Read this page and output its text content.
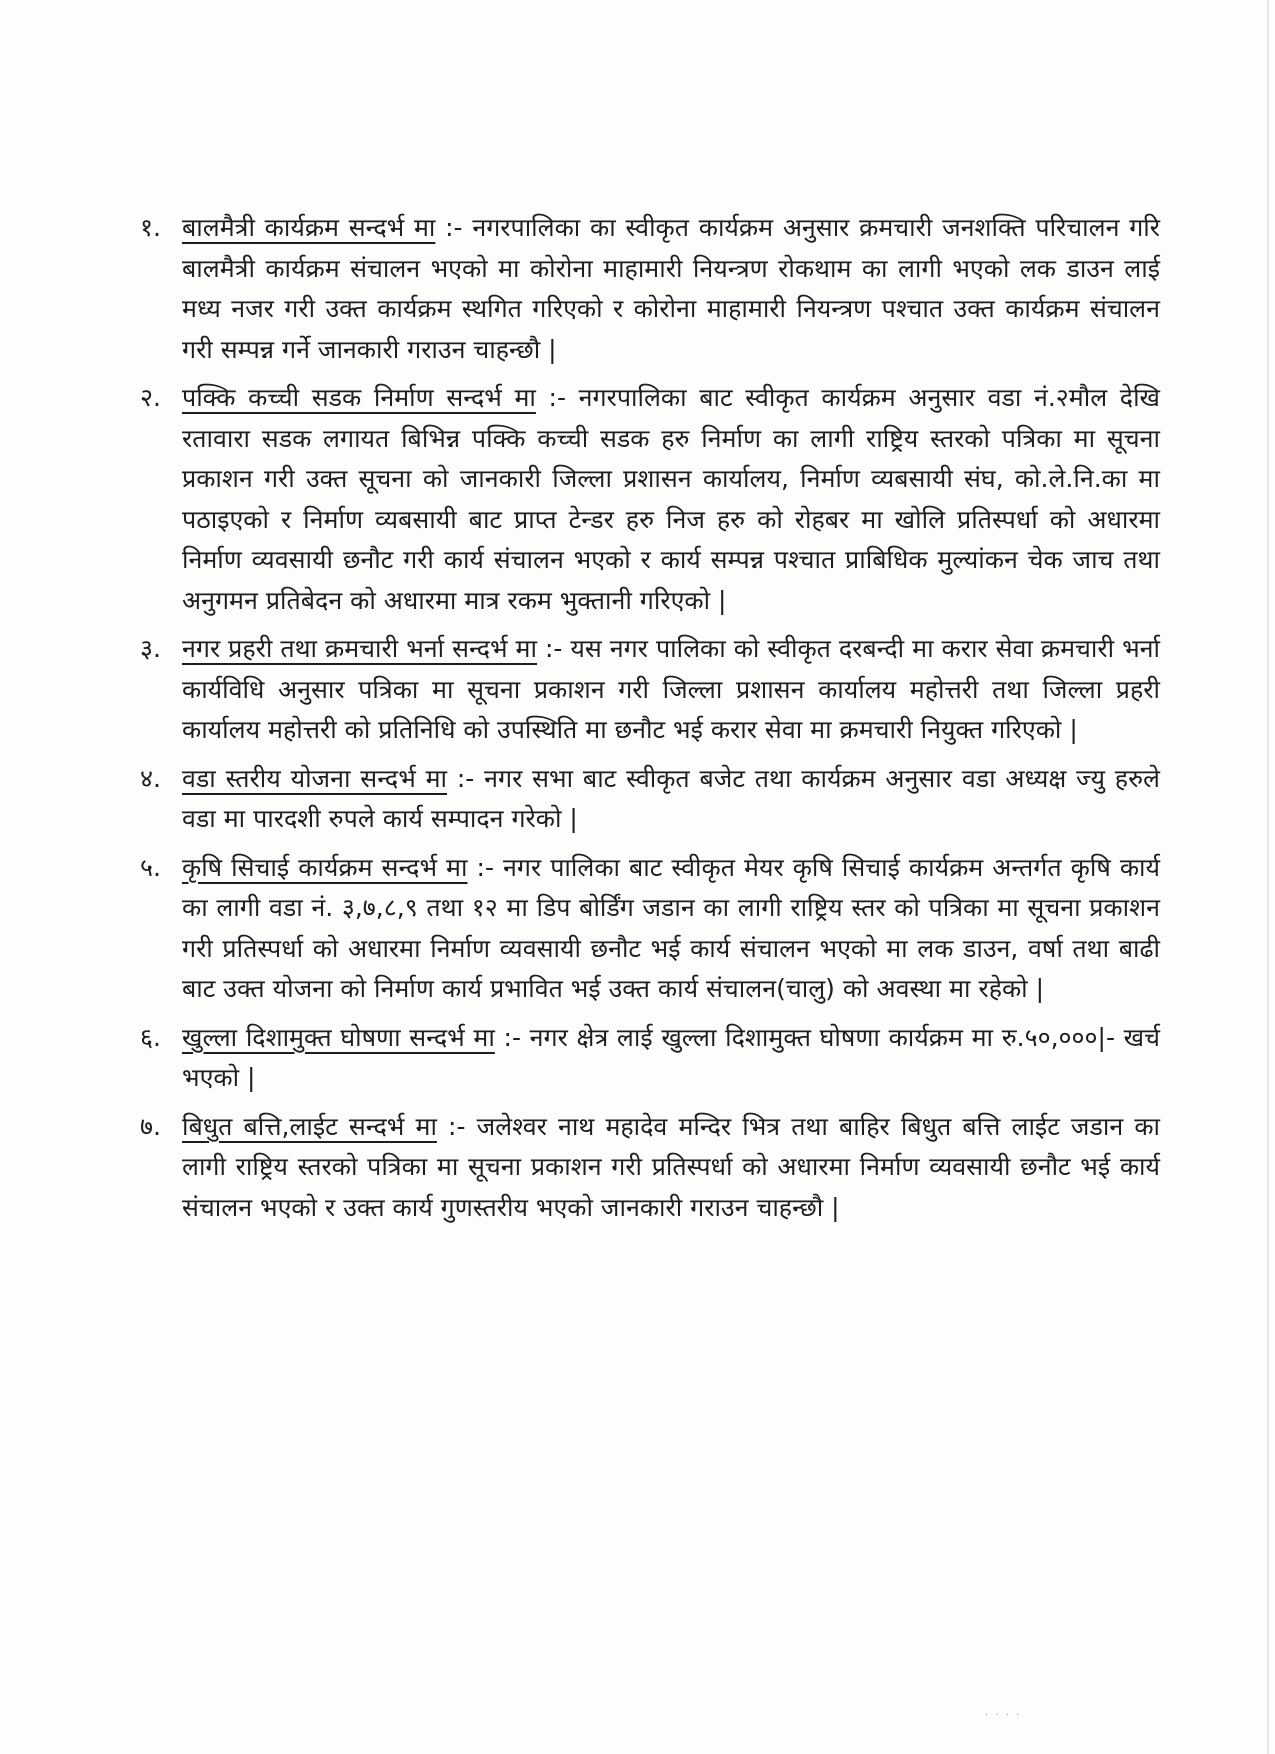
१. बालमैत्री कार्यक्रम सन्दर्भ मा :- नगरपालिका का स्वीकृत कार्यक्रम अनुसार क्रमचारी जनशक्ति परिचालन गरि बालमैत्री कार्यक्रम संचालन भएको मा कोरोना माहामारी नियन्त्रण रोकथाम का लागी भएको लक डाउन लाई मध्य नजर गरी उक्त कार्यक्रम स्थगित गरिएको र कोरोना माहामारी नियन्त्रण पश्चात उक्त कार्यक्रम संचालन गरी सम्पन्न गर्ने जानकारी गराउन चाहन्छौ |
२. पक्कि कच्ची सडक निर्माण सन्दर्भ मा :- नगरपालिका बाट स्वीकृत कार्यक्रम अनुसार वडा नं.२मौल देखि रतावारा सडक लगायत बिभिन्न पक्कि कच्ची सडक हरु निर्माण का लागी राष्ट्रिय स्तरको पत्रिका मा सूचना प्रकाशन गरी उक्त सूचना को जानकारी जिल्ला प्रशासन कार्यालय, निर्माण व्यबसायी संघ, को.ले.नि.का मा पठाइएको र निर्माण व्यबसायी बाट प्राप्त टेन्डर हरु निज हरु को रोहबर मा खोलि प्रतिस्पर्धा को अधारमा निर्माण व्यवसायी छनौट गरी कार्य संचालन भएको र कार्य सम्पन्न पश्चात प्राबिधिक मुल्यांकन चेक जाच तथा अनुगमन प्रतिबेदन को अधारमा मात्र रकम भुक्तानी गरिएको |
३. नगर प्रहरी तथा क्रमचारी भर्ना सन्दर्भ मा :- यस नगर पालिका को स्वीकृत दरबन्दी मा करार सेवा क्रमचारी भर्ना कार्यविधि अनुसार पत्रिका मा सूचना प्रकाशन गरी जिल्ला प्रशासन कार्यालय महोत्तरी तथा जिल्ला प्रहरी कार्यालय महोत्तरी को प्रतिनिधि को उपस्थिति मा छनौट भई करार सेवा मा क्रमचारी नियुक्त गरिएको |
४. वडा स्तरीय योजना सन्दर्भ मा :- नगर सभा बाट स्वीकृत बजेट तथा कार्यक्रम अनुसार वडा अध्यक्ष ज्यु हरुले वडा मा पारदशी रुपले कार्य सम्पादन गरेको |
५. कृषि सिचाई कार्यक्रम सन्दर्भ मा :- नगर पालिका बाट स्वीकृत मेयर कृषि सिचाई कार्यक्रम अन्तर्गत कृषि कार्य का लागी वडा नं. ३,७,८,९ तथा १२ मा डिप बोर्डिंग जडान का लागी राष्ट्रिय स्तर को पत्रिका मा सूचना प्रकाशन गरी प्रतिस्पर्धा को अधारमा निर्माण व्यवसायी छनौट भई कार्य संचालन भएको मा लक डाउन, वर्षा तथा बाढी बाट उक्त योजना को निर्माण कार्य प्रभावित भई उक्त कार्य संचालन(चालु) को अवस्था मा रहेको |
६. खुल्ला दिशामुक्त घोषणा सन्दर्भ मा :- नगर क्षेत्र लाई खुल्ला दिशामुक्त घोषणा कार्यक्रम मा रु.५०,०००|- खर्च भएको |
७. बिधुत बत्ति,लाईट सन्दर्भ मा :- जलेश्वर नाथ महादेव मन्दिर भित्र तथा बाहिर बिधुत बत्ति लाईट जडान का लागी राष्ट्रिय स्तरको पत्रिका मा सूचना प्रकाशन गरी प्रतिस्पर्धा को अधारमा निर्माण व्यवसायी छनौट भई कार्य संचालन भएको र उक्त कार्य गुणस्तरीय भएको जानकारी गराउन चाहन्छौ |
· · · ·
